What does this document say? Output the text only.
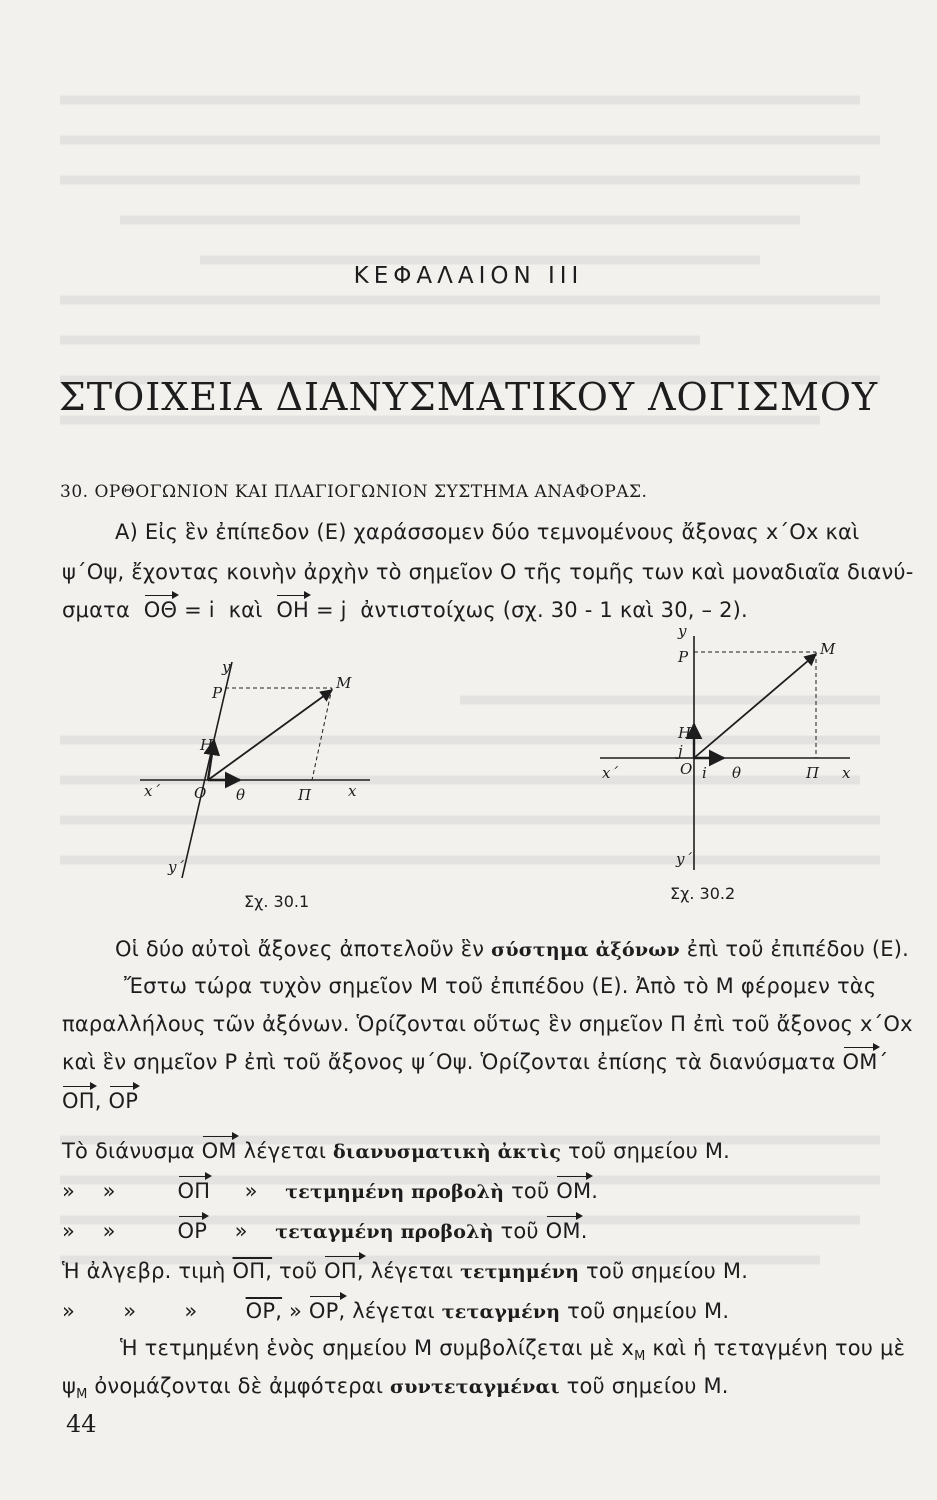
ΚΕΦΑΛΑΙΟΝ III
ΣΤΟΙΧΕΙΑ ΔΙΑΝΥΣΜΑΤΙΚΟΥ ΛΟΓΙΣΜΟΥ
30. ΟΡΘΟΓΩΝΙΟΝ ΚΑΙ ΠΛΑΓΙΟΓΩΝΙΟΝ ΣΥΣΤΗΜΑ ΑΝΑΦΟΡΑΣ.
Α) Εἰς ἓν ἐπίπεδον (Ε) χαράσσομεν δύο τεμνομένους ἄξονας x΄Ox καὶ
ψ΄Oψ, ἔχοντας κοινὴν ἀρχὴν τὸ σημεῖον O τῆς τομῆς των καὶ μοναδιαῖα διανύ-
σματα OΘ = i καὶ OH = j ἀντιστοίχως (σχ. 30 - 1 καὶ 30, – 2).
y
y΄
x
x΄ O θ
H
P
M
Π
Σχ. 30.1
y
y΄
x
x΄	O i θ
H
j
P	M
Π
Σχ. 30.2
Οἱ δύο αὐτοὶ ἄξονες ἀποτελοῦν ἓν σύστημα ἀξόνων ἐπὶ τοῦ ἐπιπέδου (Ε).
Ἔστω τώρα τυχὸν σημεῖον M τοῦ ἐπιπέδου (Ε). Ἀπὸ τὸ M φέρομεν τὰς
παραλλήλους τῶν ἀξόνων. Ὁρίζονται οὕτως ἓν σημεῖον Π ἐπὶ τοῦ ἄξονος x΄Ox
καὶ ἓν σημεῖον P ἐπὶ τοῦ ἄξονος ψ΄Oψ. Ὁρίζονται ἐπίσης τὰ διανύσματα OM΄
OΠ, OP
Τὸ διάνυσμα OM λέγεται διανυσματικὴ ἀκτὶς τοῦ σημείου M.
» »	OΠ » τετμημένη προβολὴ τοῦ OM.
» »	OP » τεταγμένη προβολὴ τοῦ OM.
Ἡ ἀλγεβρ. τιμὴ OΠ, τοῦ OΠ, λέγεται τετμημένη τοῦ σημείου M.
» » » OP, » OP, λέγεται τεταγμένη τοῦ σημείου M.
Ἡ τετμημένη ἑνὸς σημείου M συμβολίζεται μὲ $x_M$ καὶ ἡ τεταγμένη του μὲ
$\psi_M$ ὀνομάζονται δὲ ἀμφότεραι συντεταγμέναι τοῦ σημείου M.
44
